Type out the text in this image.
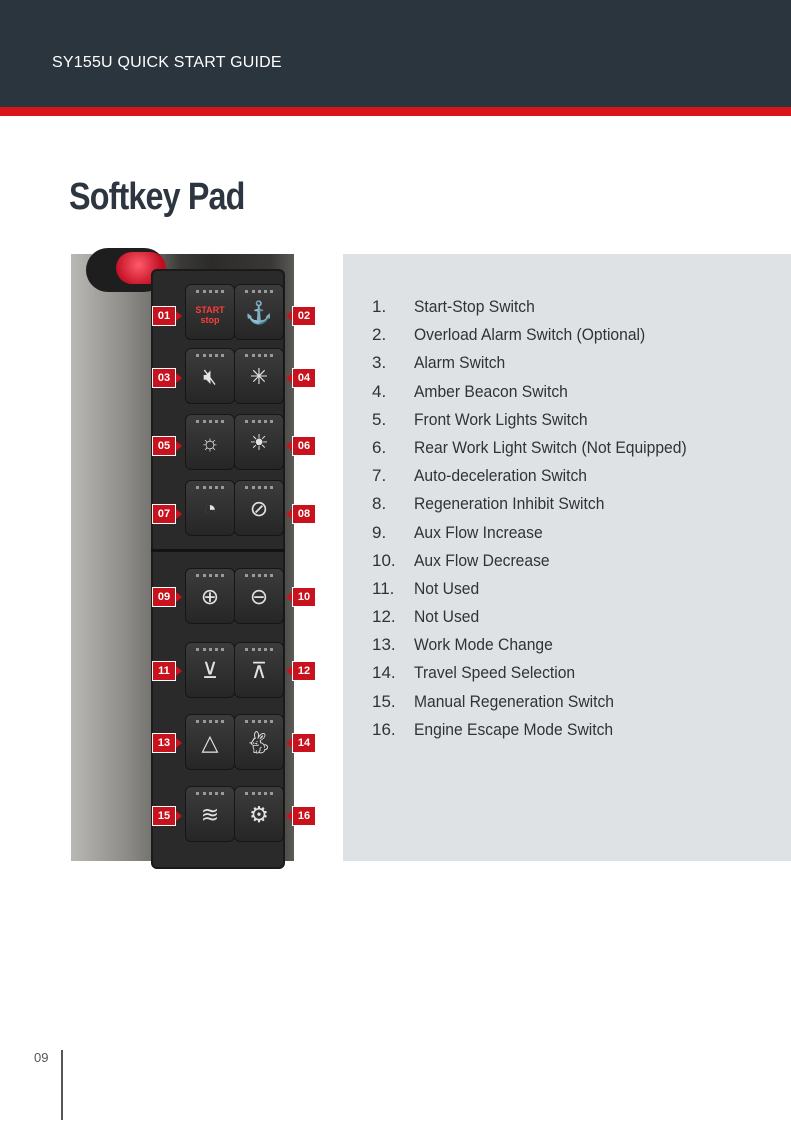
SY155U QUICK START GUIDE
Softkey Pad
START
stop	⚓
🔇︎	✳
☼	☀
◔	⊘
⊕	⊖
⊻	⊼
△	🐇︎
≋	⚙
01	02
03	04
05	06
07	08
09	10
11	12
13	14
15	16
1. Start-Stop Switch
2. Overload Alarm Switch (Optional)
3. Alarm Switch
4. Amber Beacon Switch
5. Front Work Lights Switch
6. Rear Work Light Switch (Not Equipped)
7. Auto-deceleration Switch
8. Regeneration Inhibit Switch
9. Aux Flow Increase
10. Aux Flow Decrease
11. Not Used
12. Not Used
13. Work Mode Change
14. Travel Speed Selection
15. Manual Regeneration Switch
16. Engine Escape Mode Switch
09
